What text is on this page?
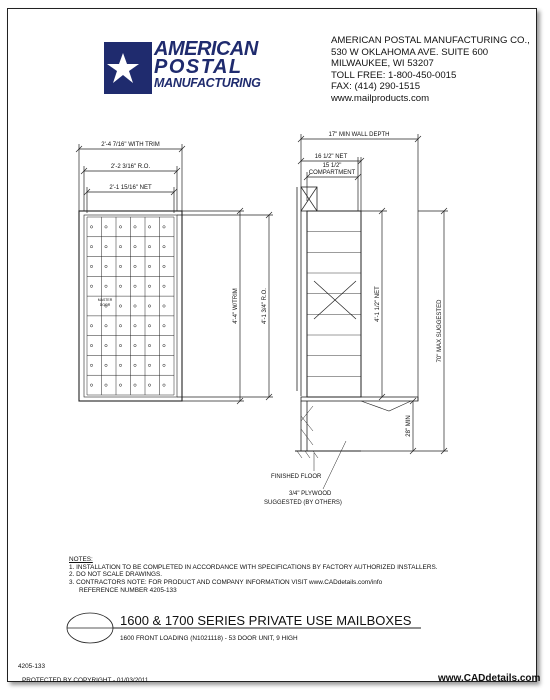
AMERICAN
POSTAL
MANUFACTURING
AMERICAN POSTAL MANUFACTURING CO.,
530 W OKLAHOMA AVE. SUITE 600
MILWAUKEE, WI 53207
TOLL FREE: 1-800-450-0015
FAX: (414) 290-1515
www.mailproducts.com
2'-4 7/16" WITH TRIM
2'-2 3/16" R.O.
2'-1 15/16" NET
4'-4" W/TRIM	4'-1 3/4" R.O.
MASTER
DOOR
17" MIN WALL DEPTH
16 1/2" NET
15 1/2"
COMPARTMENT
4'-1 1/2" NET	70" MAX SUGGESTED
28" MIN
FINISHED FLOOR
3/4" PLYWOOD
SUGGESTED (BY OTHERS)
NOTES:
1. INSTALLATION TO BE COMPLETED IN ACCORDANCE WITH SPECIFICATIONS BY FACTORY AUTHORIZED INSTALLERS.
2. DO NOT SCALE DRAWINGS.
3. CONTRACTORS NOTE: FOR PRODUCT AND COMPANY INFORMATION VISIT www.CADdetails.com/info
REFERENCE NUMBER 4205-133
1600 & 1700 SERIES PRIVATE USE MAILBOXES
1600 FRONT LOADING (N1021118) - 53 DOOR UNIT, 9 HIGH
4205-133
PROTECTED BY COPYRIGHT - 01/03/2011	www.CADdetails.com
